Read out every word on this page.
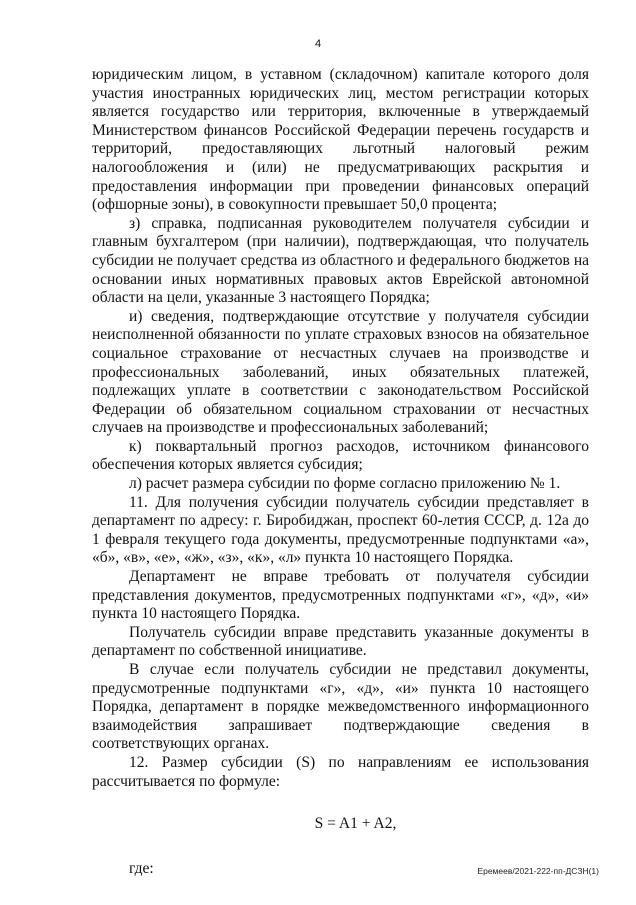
4

юридическим лицом, в уставном (складочном) капитале которого доля участия иностранных юридических лиц, местом регистрации которых является государство или территория, включенные в утверждаемый Министерством финансов Российской Федерации перечень государств и территорий, предоставляющих льготный налоговый режим налогообложения и (или) не предусматривающих раскрытия и предоставления информации при проведении финансовых операций (офшорные зоны), в совокупности превышает 50,0 процента;

з) справка, подписанная руководителем получателя субсидии и главным бухгалтером (при наличии), подтверждающая, что получатель субсидии не получает средства из областного и федерального бюджетов на основании иных нормативных правовых актов Еврейской автономной области на цели, указанные 3 настоящего Порядка;

и) сведения, подтверждающие отсутствие у получателя субсидии неисполненной обязанности по уплате страховых взносов на обязательное социальное страхование от несчастных случаев на производстве и профессиональных заболеваний, иных обязательных платежей, подлежащих уплате в соответствии с законодательством Российской Федерации об обязательном социальном страховании от несчастных случаев на производстве и профессиональных заболеваний;

к) поквартальный прогноз расходов, источником финансового обеспечения которых является субсидия;

л) расчет размера субсидии по форме согласно приложению № 1.

11. Для получения субсидии получатель субсидии представляет в департамент по адресу: г. Биробиджан, проспект 60-летия СССР, д. 12а до 1 февраля текущего года документы, предусмотренные подпунктами «а», «б», «в», «е», «ж», «з», «к», «л» пункта 10 настоящего Порядка.

Департамент не вправе требовать от получателя субсидии представления документов, предусмотренных подпунктами «г», «д», «и» пункта 10 настоящего Порядка.

Получатель субсидии вправе представить указанные документы в департамент по собственной инициативе.

В случае если получатель субсидии не представил документы, предусмотренные подпунктами «г», «д», «и» пункта 10 настоящего Порядка, департамент в порядке межведомственного информационного взаимодействия запрашивает подтверждающие сведения в соответствующих органах.

12. Размер субсидии (S) по направлениям ее использования рассчитывается по формуле:

S = A1 + A2,

где:	Еремеев/2021-222-пп-ДСЗН(1)
